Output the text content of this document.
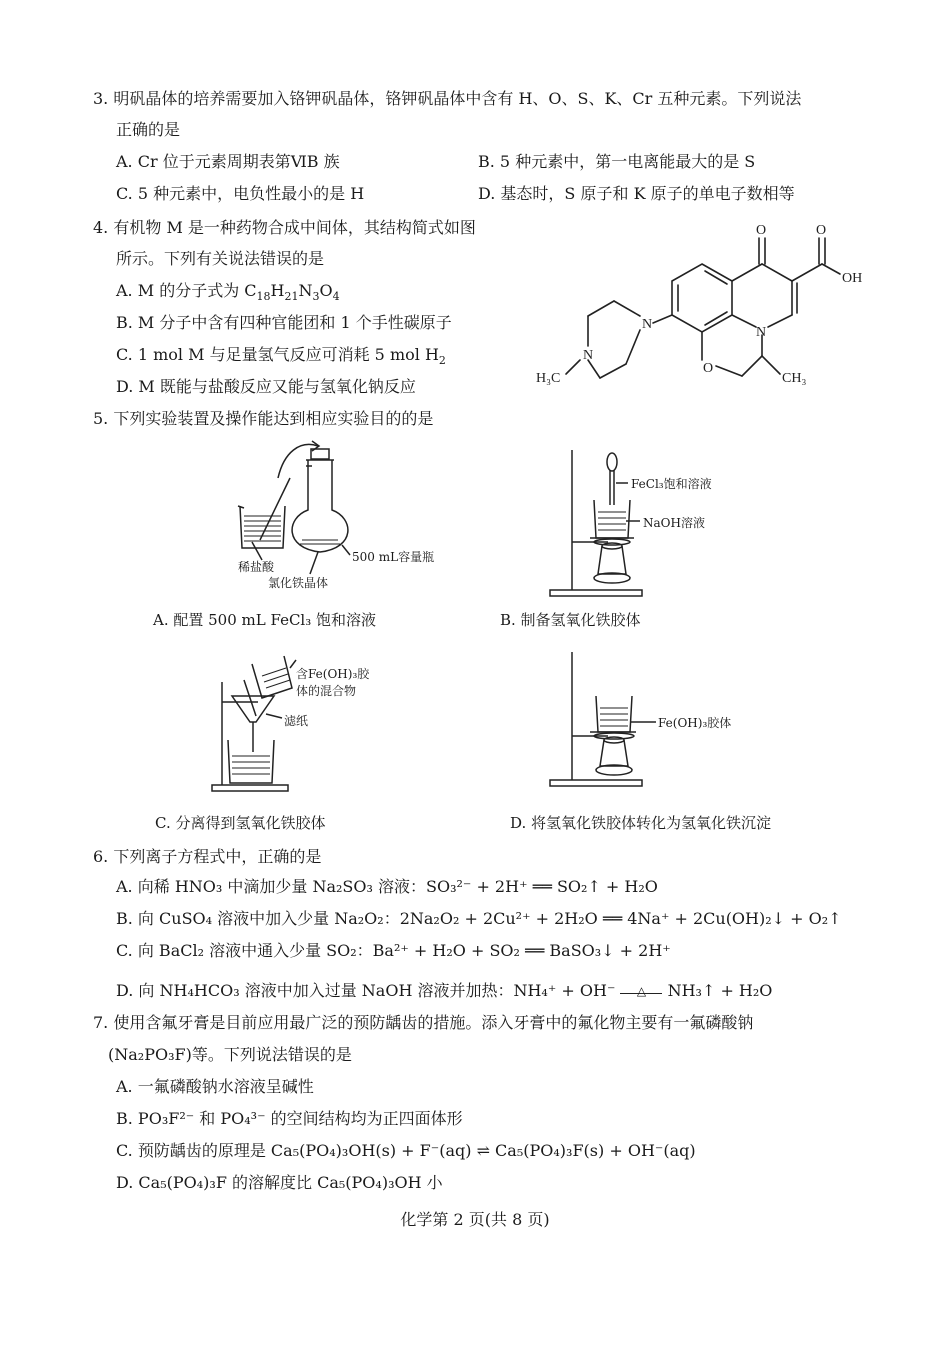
3. 明矾晶体的培养需要加入铬钾矾晶体，铬钾矾晶体中含有 H、O、S、K、Cr 五种元素。下列说法
正确的是
A. Cr 位于元素周期表第ⅥB 族	B. 5 种元素中，第一电离能最大的是 S
C. 5 种元素中，电负性最小的是 H	D. 基态时，S 原子和 K 原子的单电子数相等
4. 有机物 M 是一种药物合成中间体，其结构简式如图
所示。下列有关说法错误的是
A. M 的分子式为 $C_{18}H_{21}N_3O_4$
B. M 分子中含有四种官能团和 1 个手性碳原子
C. 1 mol M 与足量氢气反应可消耗 5 mol $H_2$
D. M 既能与盐酸反应又能与氢氧化钠反应
O	O
OH
N
N
N
O
H₃C	CH₃
5. 下列实验装置及操作能达到相应实验目的的是
稀盐酸
500 mL容量瓶
氯化铁晶体
A. 配置 500 mL FeCl₃ 饱和溶液
FeCl₃饱和溶液
NaOH溶液
B. 制备氢氧化铁胶体
含Fe(OH)₃胶
体的混合物
滤纸
C. 分离得到氢氧化铁胶体
Fe(OH)₃胶体
D. 将氢氧化铁胶体转化为氢氧化铁沉淀
6. 下列离子方程式中，正确的是
A. 向稀 HNO₃ 中滴加少量 Na₂SO₃ 溶液：SO₃²⁻ + 2H⁺ ══ SO₂↑ + H₂O
B. 向 CuSO₄ 溶液中加入少量 Na₂O₂：2Na₂O₂ + 2Cu²⁺ + 2H₂O ══ 4Na⁺ + 2Cu(OH)₂↓ + O₂↑
C. 向 BaCl₂ 溶液中通入少量 SO₂：Ba²⁺ + H₂O + SO₂ ══ BaSO₃↓ + 2H⁺
D. 向 NH₄HCO₃ 溶液中加入过量 NaOH 溶液并加热：NH₄⁺ + OH⁻	△	NH₃↑ + H₂O
7. 使用含氟牙膏是目前应用最广泛的预防龋齿的措施。添入牙膏中的氟化物主要有一氟磷酸钠
(Na₂PO₃F)等。下列说法错误的是
A. 一氟磷酸钠水溶液呈碱性
B. PO₃F²⁻ 和 PO₄³⁻ 的空间结构均为正四面体形
C. 预防龋齿的原理是 Ca₅(PO₄)₃OH(s) + F⁻(aq) ⇌ Ca₅(PO₄)₃F(s) + OH⁻(aq)
D. Ca₅(PO₄)₃F 的溶解度比 Ca₅(PO₄)₃OH 小
化学第 2 页(共 8 页)
